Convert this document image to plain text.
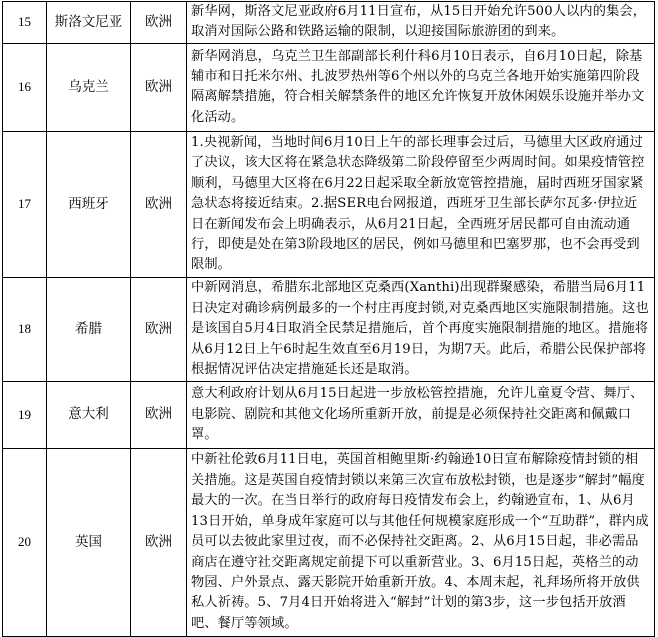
15	斯洛文尼亚	欧洲	新华网，斯洛文尼亚政府6月11日宣布，从15日开始允许500人以内的集会，取消对国际公路和铁路运输的限制，以迎接国际旅游团的到来。
16	乌克兰	欧洲	新华网消息，乌克兰卫生部副部长利什科6月10日表示，自6月10日起，除基辅市和日托米尔州、扎波罗热州等6个州以外的乌克兰各地开始实施第四阶段隔离解禁措施，符合相关解禁条件的地区允许恢复开放休闲娱乐设施并举办文化活动。
17	西班牙	欧洲	1.央视新闻，当地时间6月10日上午的部长理事会过后，马德里大区政府通过了决议，该大区将在紧急状态降级第二阶段停留至少两周时间。如果疫情管控顺利，马德里大区将在6月22日起采取全新放宽管控措施，届时西班牙国家紧急状态将接近结束。2.据SER电台网报道，西班牙卫生部长萨尔瓦多·伊拉近日在新闻发布会上明确表示，从6月21日起，全西班牙居民都可自由流动通行，即使是处在第3阶段地区的居民，例如马德里和巴塞罗那，也不会再受到限制。
18	希腊	欧洲	中新网消息，希腊东北部地区克桑西(Xanthi)出现群聚感染，希腊当局6月11日决定对确诊病例最多的一个村庄再度封锁,对克桑西地区实施限制措施。这也是该国自5月4日取消全民禁足措施后，首个再度实施限制措施的地区。措施将从6月12日上午6时起生效直至6月19日，为期7天。此后，希腊公民保护部将根据情况评估决定措施延长还是取消。
19	意大利	欧洲	意大利政府计划从6月15日起进一步放松管控措施，允许儿童夏令营、舞厅、电影院、剧院和其他文化场所重新开放，前提是必须保持社交距离和佩戴口罩。
20	英国	欧洲	中新社伦敦6月11日电，英国首相鲍里斯·约翰逊10日宣布解除疫情封锁的相关措施。这是英国自疫情封锁以来第三次宣布放松封锁，也是逐步“解封”幅度最大的一次。在当日举行的政府每日疫情发布会上，约翰逊宣布，1、从6月13日开始，单身成年家庭可以与其他任何规模家庭形成一个“互助群”，群内成员可以去彼此家里过夜，而不必保持社交距离。2、从6月15日起，非必需品商店在遵守社交距离规定前提下可以重新营业。3、6月15日起，英格兰的动物园、户外景点、露天影院开始重新开放。4、本周末起，礼拜场所将开放供私人祈祷。5、7月4日开始将进入“解封”计划的第3步，这一步包括开放酒吧、餐厅等领域。
